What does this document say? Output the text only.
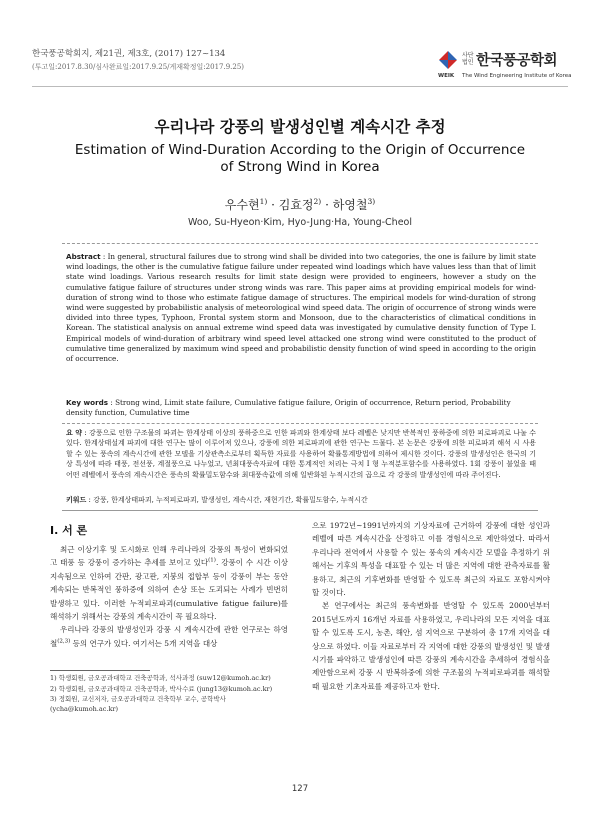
한국풍공학회지, 제21권, 제3호, (2017) 127~134
(투고일:2017.8.30/심사완료일:2017.9.25/게재확정일:2017.9.25)
사단법인 한국풍공학회
WEIK The Wind Engineering Institute of Korea
우리나라 강풍의 발생성인별 계속시간 추정
Estimation of Wind-Duration According to the Origin of Occurrence of Strong Wind in Korea
우수현$^{1)}$ · 김효정$^{2)}$ · 하영철$^{3)}$
Woo, Su-Hyeon·Kim, Hyo-Jung·Ha, Young-Cheol
Abstract : In general, structural failures due to strong wind shall be divided into two categories, the one is failure by limit state wind loadings, the other is the cumulative fatigue failure under repeated wind loadings which have values less than that of limit state wind loadings. Various research results for limit state design were provided to engineers, however a study on the cumulative fatigue failure of structures under strong winds was rare. This paper aims at providing empirical models for wind-duration of strong wind to those who estimate fatigue damage of structures. The empirical models for wind-duration of strong wind were suggested by probabilistic analysis of meteorological wind speed data. The origin of occurrence of strong winds were divided into three types, Typhoon, Frontal system storm and Monsoon, due to the characteristics of climatical conditions in Korean. The statistical analysis on annual extreme wind speed data was investigated by cumulative density function of Type I. Empirical models of wind-duration of arbitrary wind speed level attacked one strong wind were constituted to the product of cumulative time generalized by maximum wind speed and probabilistic density function of wind speed in according to the origin of occurrence.
Key words : Strong wind, Limit state failure, Cumulative fatigue failure, Origin of occurrence, Return period, Probability density function, Cumulative time
요 약 : 강풍으로 인한 구조물의 파괴는 한계상태 이상의 풍하중으로 인한 파괴와 한계상태 보다 레벨은 낮지만 반복적인 풍하중에 의한 피로파괴로 나눌 수 있다. 한계상태설계 파괴에 대한 연구는 많이 이루어져 있으나, 강풍에 의한 피로파괴에 관한 연구는 드물다. 본 논문은 강풍에 의한 피로파괴 해석 시 사용할 수 있는 풍속의 계속시간에 관한 모델을 기상관측소로부터 획득한 자료를 사용하여 확률통계방법에 의하여 제시한 것이다. 강풍의 발생성인은 한국의 기상 특성에 따라 태풍, 전선풍, 계절풍으로 나누었고, 년최대풍속자료에 대한 통계적인 처리는 극치 I 형 누적분포함수를 사용하였다. 1회 강풍이 불었을 때 어떤 레벨에서 풍속의 계속시간은 풍속의 확률밀도함수와 최대풍속값에 의해 일반화된 누적시간의 곱으로 각 강풍의 발생성인에 따라 주어진다.
키워드 : 강풍, 한계상태파괴, 누적피로파괴, 발생성인, 계속시간, 재현기간, 확률밀도함수, 누적시간
I. 서 론

최근 이상기후 및 도시화로 인해 우리나라의 강풍의 특성이 변화되었고 태풍 등 강풍이 증가하는 추세를 보이고 있다$^{(1)}$. 강풍이 수 시간 이상 지속됨으로 인하여 간판, 광고판, 지붕의 접합부 등이 강풍이 부는 동안 계속되는 반복적인 풍하중에 의하여 손상 또는 도괴되는 사례가 빈번히 발생하고 있다. 이러한 누적피로파괴(cumulative fatigue failure)를 해석하기 위해서는 강풍의 계속시간이 꼭 필요하다.

우리나라 강풍의 발생성인과 강풍 시 계속시간에 관한 연구로는 하영철$^{(2,3)}$ 등의 연구가 있다. 여기서는 5개 지역을 대상

1) 학생회원, 금오공과대학교 건축공학과, 석사과정 (suw12@kumoh.ac.kr)
2) 학생회원, 금오공과대학교 건축공학과, 박사수료 (jung13@kumoh.ac.kr)
3) 정회원, 교신저자, 금오공과대학교 건축학부 교수, 공학박사 (ycha@kumoh.ac.kr)

으로 1972년~1991년까지의 기상자료에 근거하여 강풍에 대한 성인과 레벨에 따른 계속시간을 산정하고 이를 경험식으로 제안하였다. 따라서 우리나라 전역에서 사용할 수 있는 풍속의 계속시간 모델을 추정하기 위해서는 기후의 특성을 대표할 수 있는 더 많은 지역에 대한 관측자료를 활용하고, 최근의 기후변화를 반영할 수 있도록 최근의 자료도 포함시켜야 할 것이다.

본 연구에서는 최근의 풍속변화를 반영할 수 있도록 2000년부터 2015년도까지 16개년 자료를 사용하였고, 우리나라의 모든 지역을 대표할 수 있도록 도시, 농촌, 해안, 섬 지역으로 구분하여 총 17개 지역을 대상으로 하였다. 이들 자료로부터 각 지역에 대한 강풍의 발생성인 및 발생 시기를 파악하고 발생성인에 따른 강풍의 계속시간을 추세하여 경험식을 제안함으로써 강풍 시 반복하중에 의한 구조물의 누적피로파괴를 해석할 때 필요한 기초자료를 제공하고자 한다.

127
